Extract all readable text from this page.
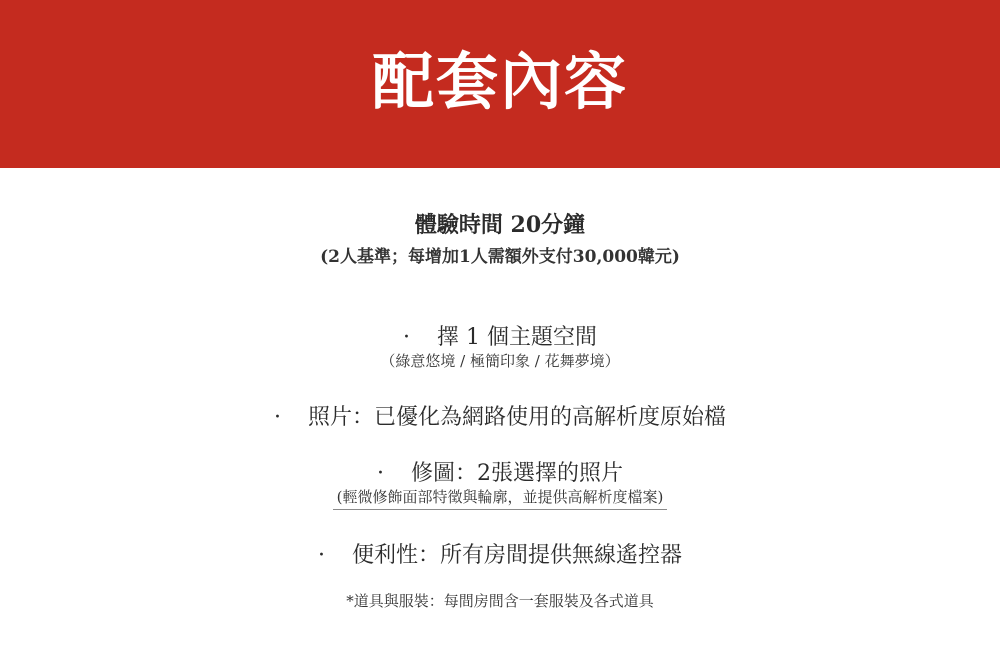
配套內容
體驗時間 20分鐘
(2人基準；每增加1人需額外支付30,000韓元)
· 擇 1 個主題空間
（綠意悠境 / 極簡印象 / 花舞夢境）
· 照片：已優化為網路使用的高解析度原始檔
· 修圖：2張選擇的照片
(輕微修飾面部特徵與輪廓，並提供高解析度檔案)
· 便利性：所有房間提供無線遙控器
*道具與服裝：每間房間含一套服裝及各式道具
